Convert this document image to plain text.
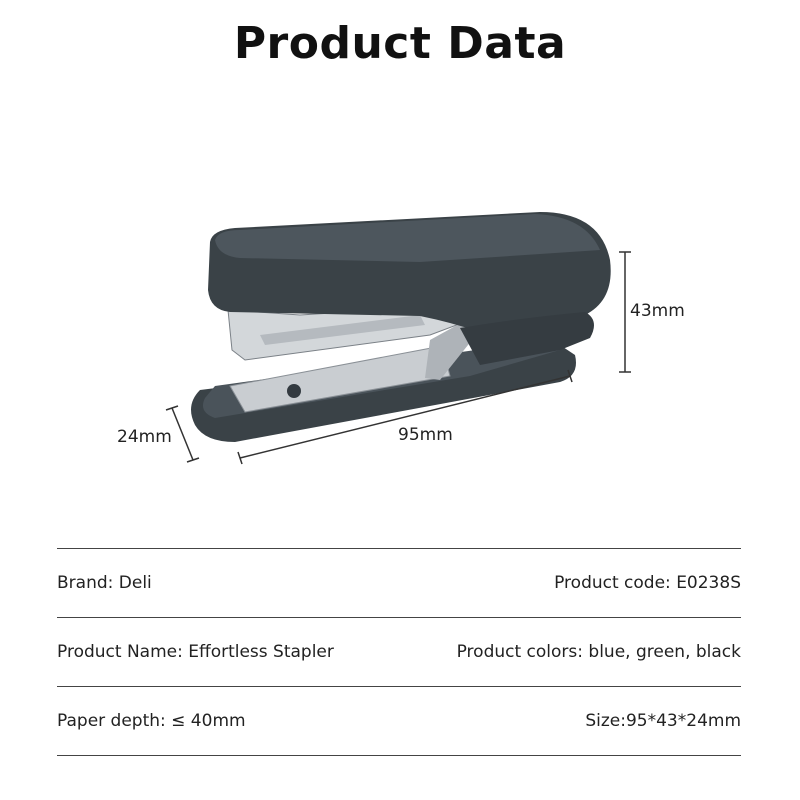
Product Data
43mm
95mm
24mm
Brand: Deli	Product code: E0238S
Product Name: Effortless Stapler	Product colors: blue, green, black
Paper depth: ≤ 40mm	Size:95*43*24mm
